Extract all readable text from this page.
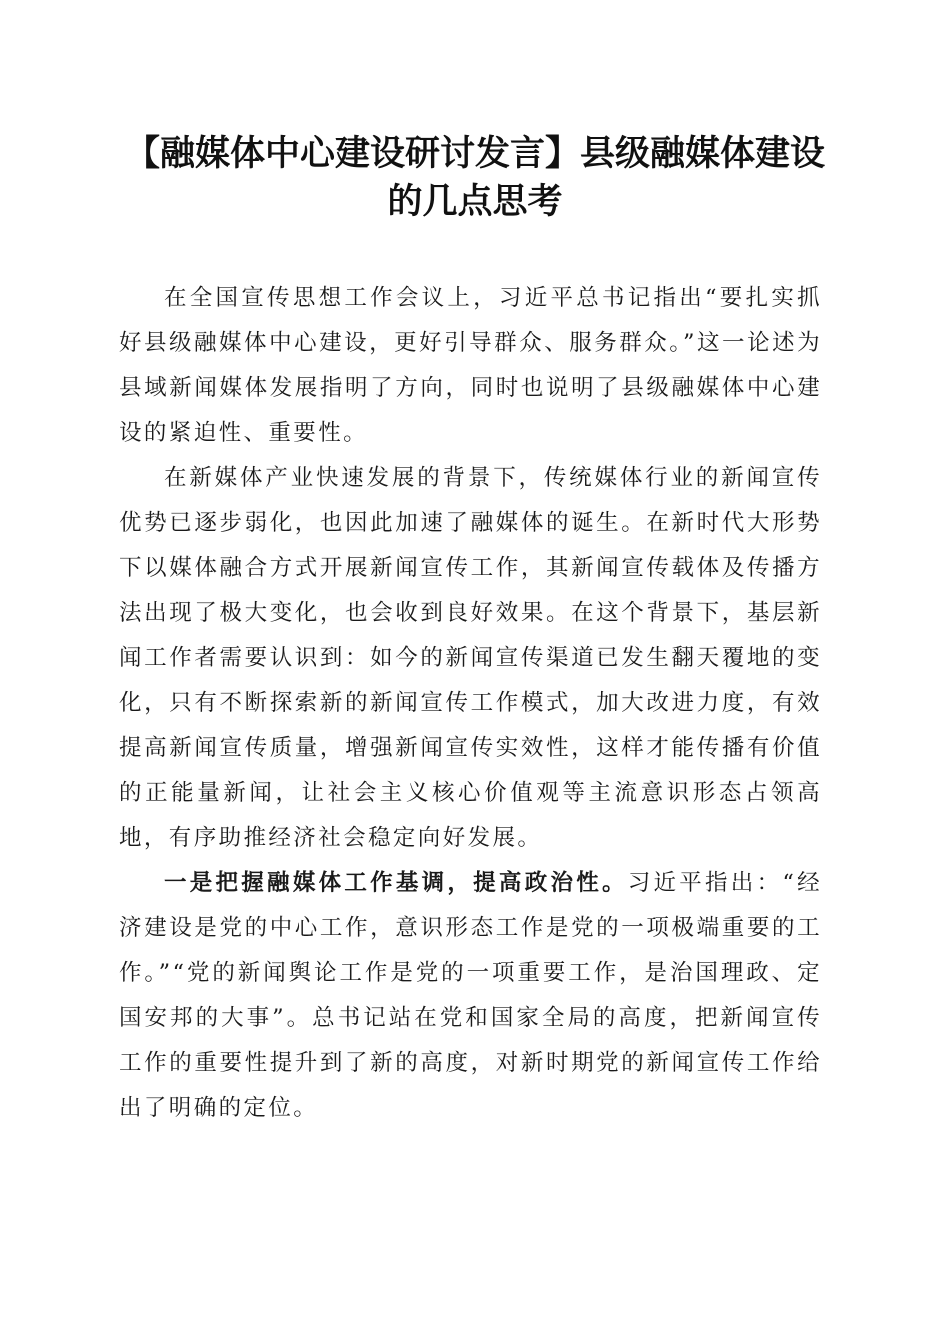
【融媒体中心建设研讨发言】县级融媒体建设的几点思考

在全国宣传思想工作会议上，习近平总书记指出“要扎实抓好县级融媒体中心建设，更好引导群众、服务群众。”这一论述为县域新闻媒体发展指明了方向，同时也说明了县级融媒体中心建设的紧迫性、重要性。

在新媒体产业快速发展的背景下，传统媒体行业的新闻宣传优势已逐步弱化，也因此加速了融媒体的诞生。在新时代大形势下以媒体融合方式开展新闻宣传工作，其新闻宣传载体及传播方法出现了极大变化，也会收到良好效果。在这个背景下，基层新闻工作者需要认识到：如今的新闻宣传渠道已发生翻天覆地的变化，只有不断探索新的新闻宣传工作模式，加大改进力度，有效提高新闻宣传质量，增强新闻宣传实效性，这样才能传播有价值的正能量新闻，让社会主义核心价值观等主流意识形态占领高地，有序助推经济社会稳定向好发展。

一是把握融媒体工作基调，提高政治性。习近平指出：“经济建设是党的中心工作，意识形态工作是党的一项极端重要的工作。”“党的新闻舆论工作是党的一项重要工作，是治国理政、定国安邦的大事”。总书记站在党和国家全局的高度，把新闻宣传工作的重要性提升到了新的高度，对新时期党的新闻宣传工作给出了明确的定位。
